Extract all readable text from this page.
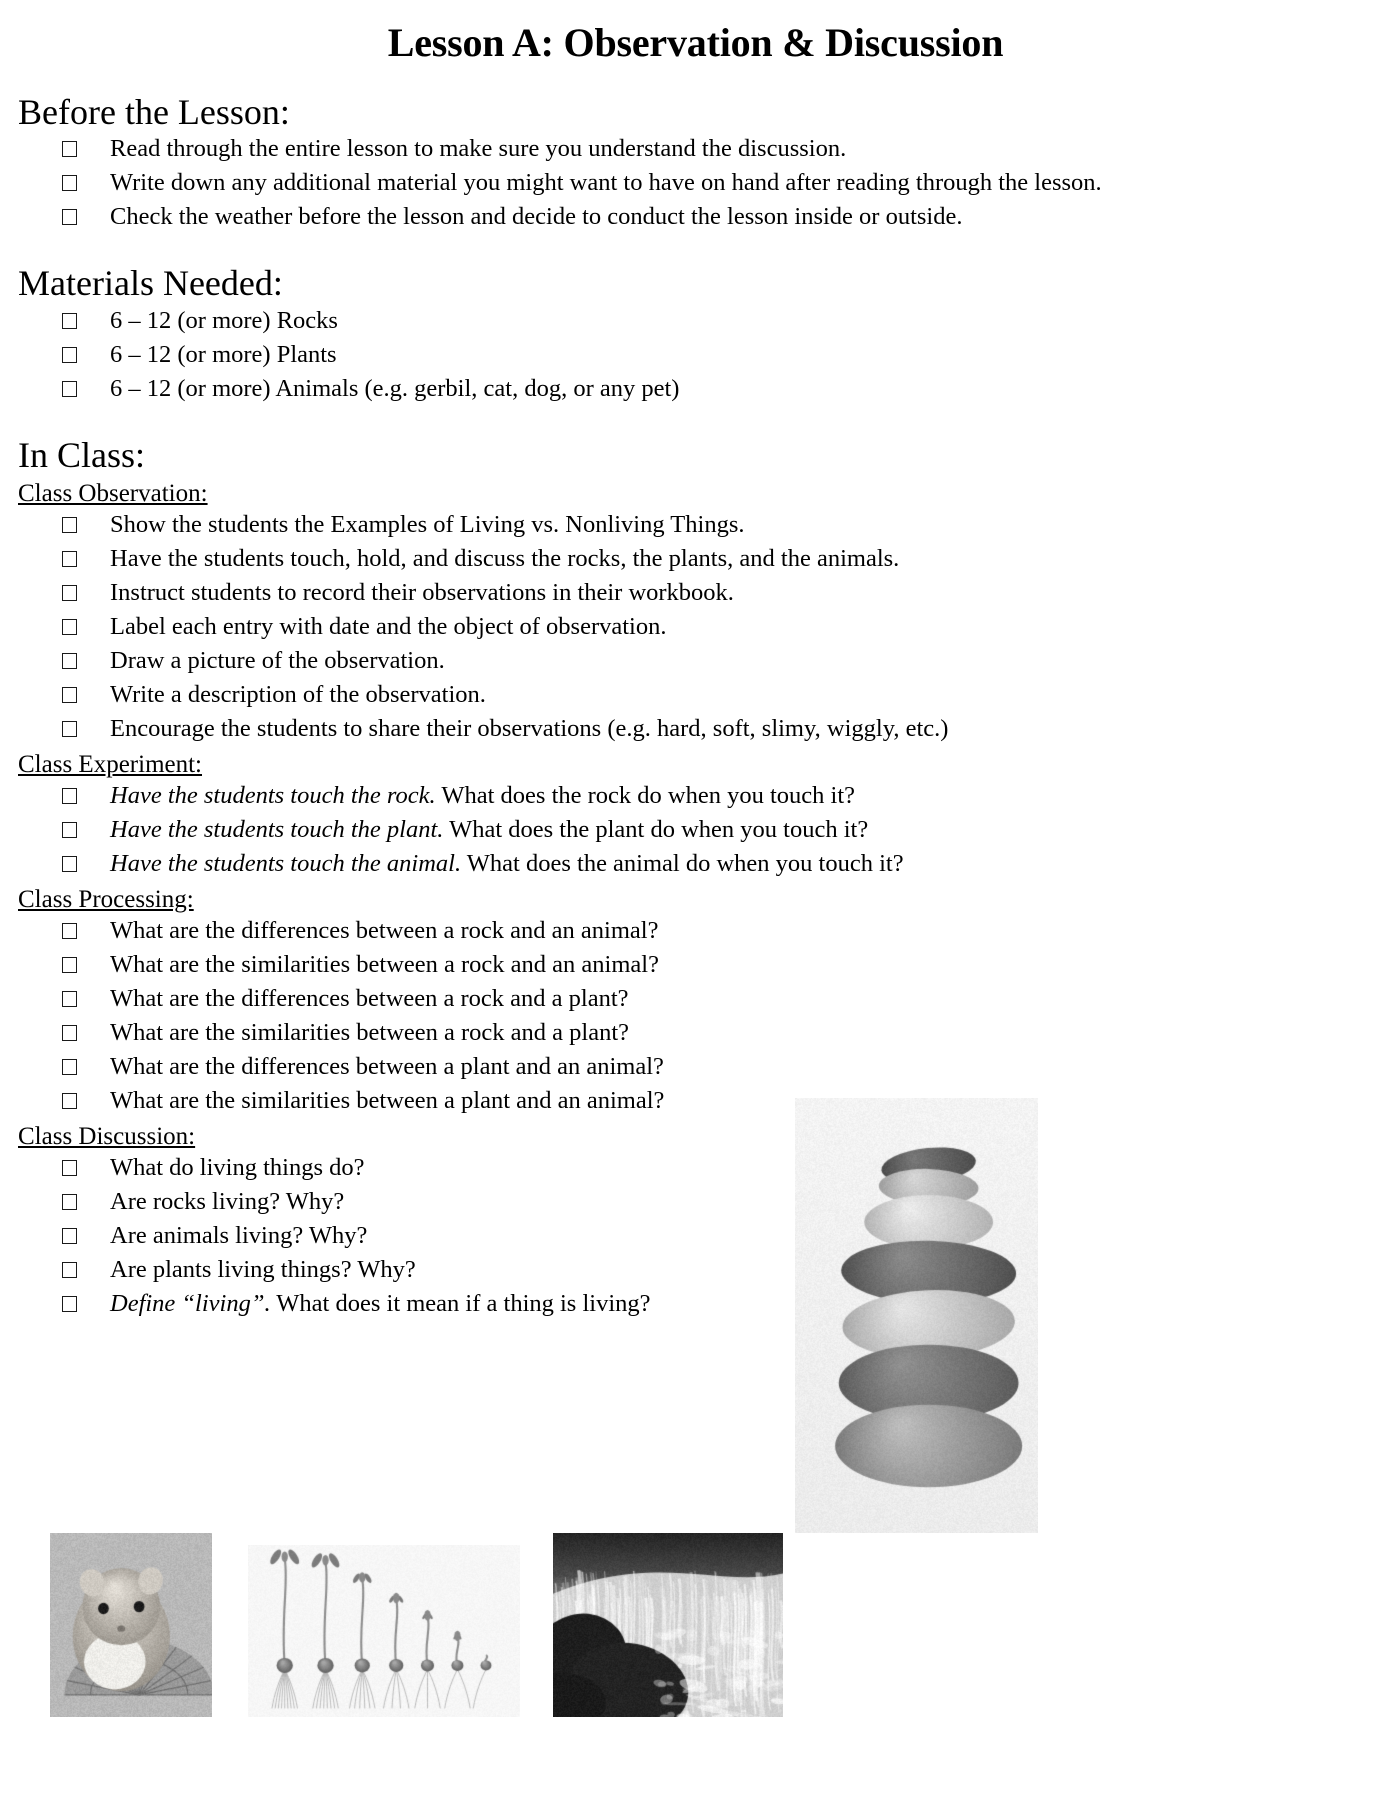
Lesson A: Observation & Discussion
Before the Lesson:
Read through the entire lesson to make sure you understand the discussion.
Write down any additional material you might want to have on hand after reading through the lesson.
Check the weather before the lesson and decide to conduct the lesson inside or outside.
Materials Needed:
6 – 12 (or more) Rocks
6 – 12 (or more) Plants
6 – 12 (or more) Animals (e.g. gerbil, cat, dog, or any pet)
In Class:
Class Observation:
Show the students the Examples of Living vs. Nonliving Things.
Have the students touch, hold, and discuss the rocks, the plants, and the animals.
Instruct students to record their observations in their workbook.
Label each entry with date and the object of observation.
Draw a picture of the observation.
Write a description of the observation.
Encourage the students to share their observations (e.g. hard, soft, slimy, wiggly, etc.)
Class Experiment:
Have the students touch the rock. What does the rock do when you touch it?
Have the students touch the plant. What does the plant do when you touch it?
Have the students touch the animal. What does the animal do when you touch it?
Class Processing:
What are the differences between a rock and an animal?
What are the similarities between a rock and an animal?
What are the differences between a rock and a plant?
What are the similarities between a rock and a plant?
What are the differences between a plant and an animal?
What are the similarities between a plant and an animal?
Class Discussion:
What do living things do?
Are rocks living? Why?
Are animals living? Why?
Are plants living things? Why?
Define “living”. What does it mean if a thing is living?
